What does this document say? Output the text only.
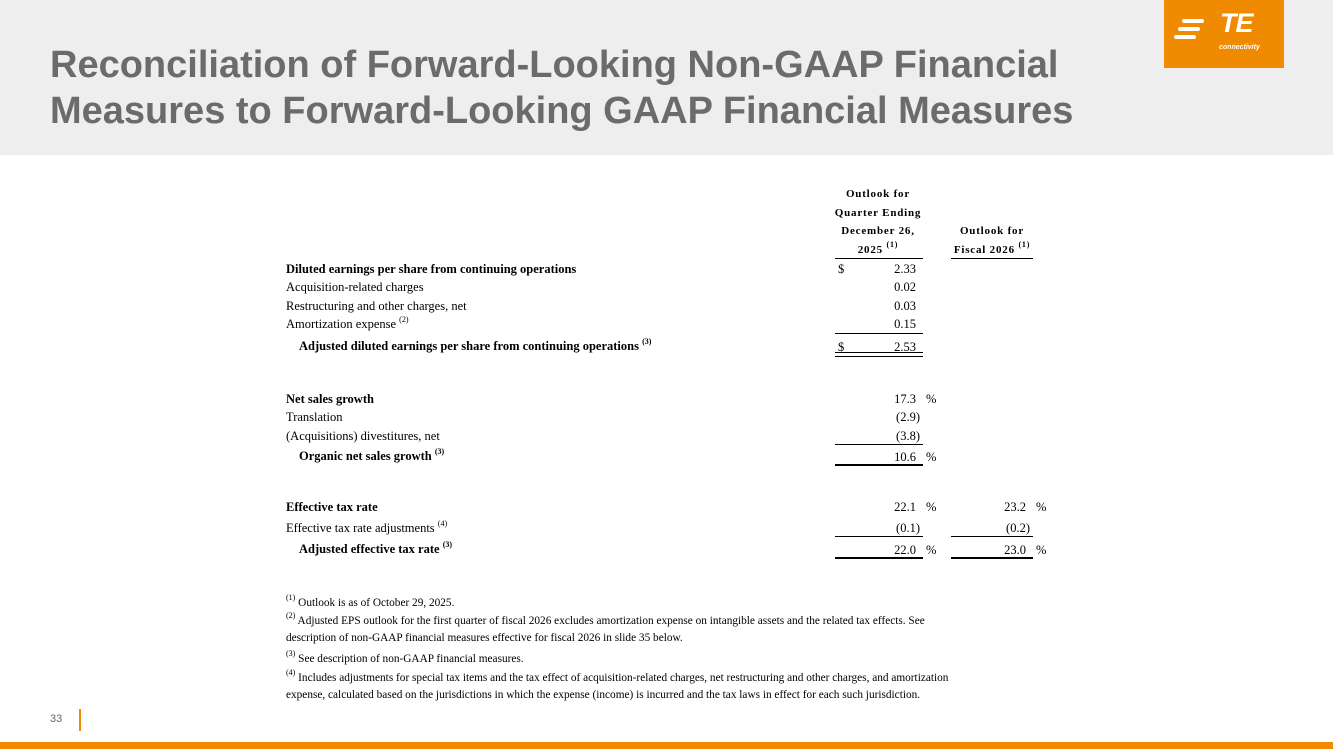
Reconciliation of Forward-Looking Non-GAAP Financial
Measures to Forward-Looking GAAP Financial Measures
TE
connectivity
Outlook for
Quarter Ending
December 26,
2025 $^{(1)}$
Outlook for
Fiscal 2026 $^{(1)}$
Diluted earnings per share from continuing operations	$	2.33
Acquisition-related charges	0.02
Restructuring and other charges, net	0.03
Amortization expense $^{(2)}$	0.15
Adjusted diluted earnings per share from continuing operations $^{(3)}$	$	2.53
Net sales growth	17.3 %
Translation	(2.9)
(Acquisitions) divestitures, net	(3.8)
Organic net sales growth $^{(3)}$	10.6 %
Effective tax rate	22.1 %	23.2 %
Effective tax rate adjustments $^{(4)}$	(0.1)	(0.2)
Adjusted effective tax rate $^{(3)}$	22.0 %	23.0 %
$^{(1)}$ Outlook is as of October 29, 2025.
$^{(2)}$ Adjusted EPS outlook for the first quarter of fiscal 2026 excludes amortization expense on intangible assets and the related tax effects. See
description of non-GAAP financial measures effective for fiscal 2026 in slide 35 below.
$^{(3)}$ See description of non-GAAP financial measures.
$^{(4)}$ Includes adjustments for special tax items and the tax effect of acquisition-related charges, net restructuring and other charges, and amortization
expense, calculated based on the jurisdictions in which the expense (income) is incurred and the tax laws in effect for each such jurisdiction.
33
